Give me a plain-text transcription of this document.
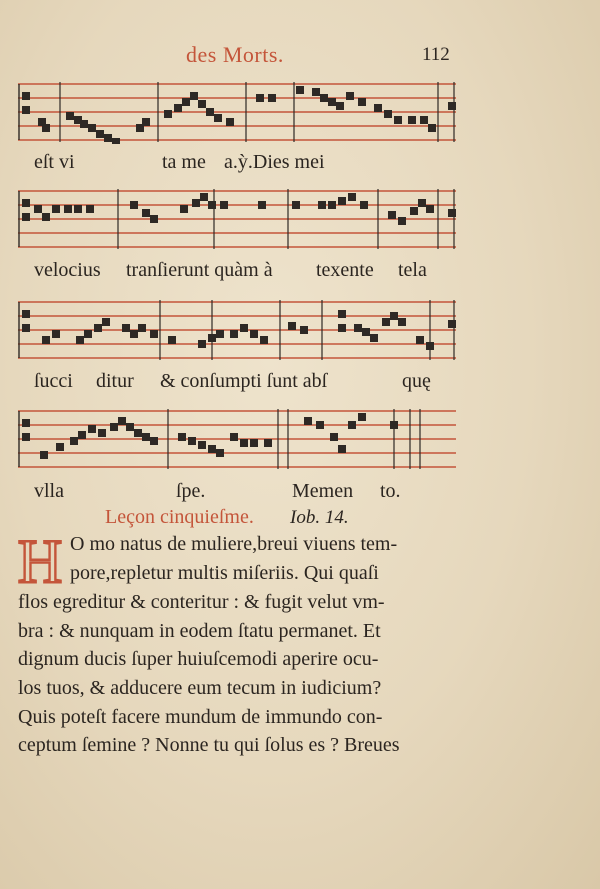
des Morts.	112
eſt vi	ta me a.ỳ.Dies mei
velocius tranſierunt quàm à texente tela
ſucci ditur & conſumpti ſunt abſ	quę
vlla	ſpe.	Memen to.
Leçon cinquieſme. Iob. 14.
H O mo natus de muliere,breui viuens tem-
pore,repletur multis miſeriis. Qui quaſi
flos egreditur & conteritur : & fugit velut vm-
bra : & nunquam in eodem ſtatu permanet. Et
dignum ducis ſuper huiuſcemodi aperire ocu-
los tuos, & adducere eum tecum in iudicium?
Quis poteſt facere mundum de immundo con-
ceptum ſemine ? Nonne tu qui ſolus es ? Breues
